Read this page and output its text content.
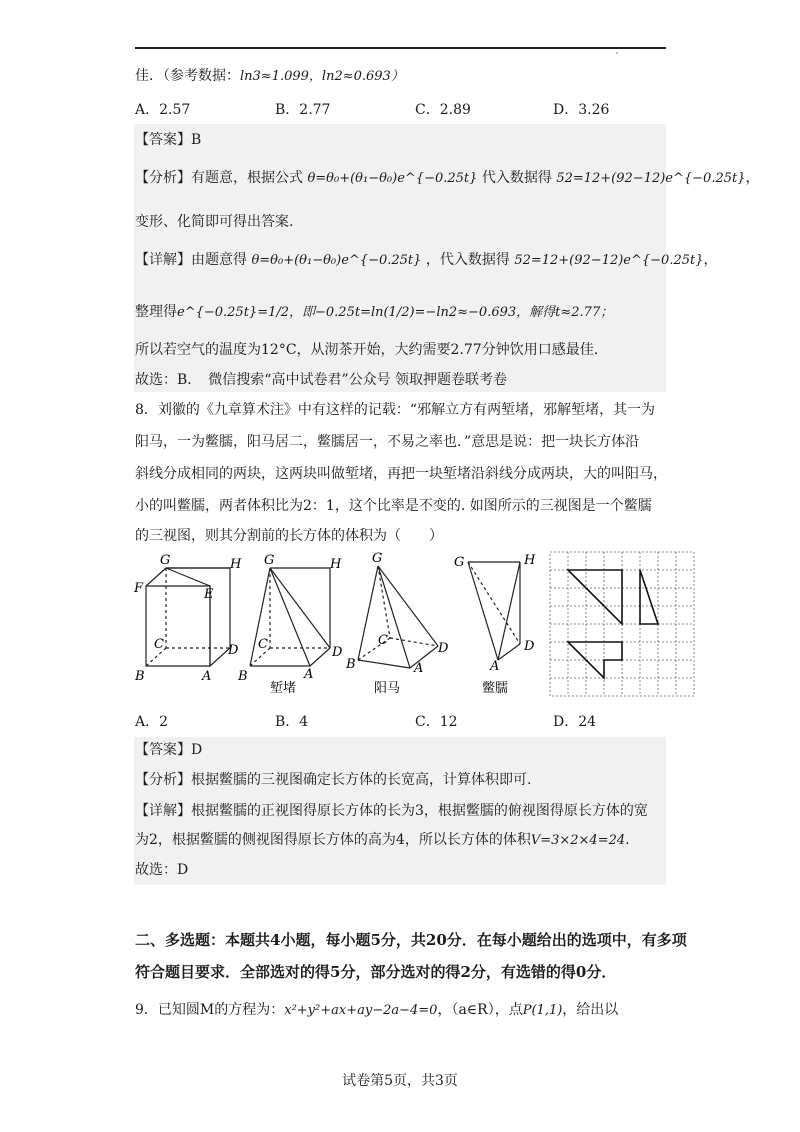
佳．（参考数据：ln3≈1.099，ln2≈0.693）
A．2.57	B．2.77	C．2.89	D．3.26
【答案】B
【分析】有题意，根据公式 θ=θ₀+(θ₁−θ₀)e^{−0.25t} 代入数据得 52=12+(92−12)e^{−0.25t}，
变形、化简即可得出答案.
【详解】由题意得 θ=θ₀+(θ₁−θ₀)e^{−0.25t} ，代入数据得 52=12+(92−12)e^{−0.25t}，
整理得e^{−0.25t}=1/2，即−0.25t=ln(1/2)=−ln2≈−0.693，解得t≈2.77；
所以若空气的温度为12°C，从沏茶开始，大约需要2.77分钟饮用口感最佳.
故选：B．　微信搜索“高中试卷君”公众号 领取押题卷联考卷
8．刘徽的《九章算术注》中有这样的记载：“邪解立方有两堑堵，邪解堑堵，其一为
阳马，一为鳖臑，阳马居二，鳖臑居一，不易之率也．”意思是说：把一块长方体沿
斜线分成相同的两块，这两块叫做堑堵，再把一块堑堵沿斜线分成两块，大的叫阳马，
小的叫鳖臑，两者体积比为2：1，这个比率是不变的. 如图所示的三视图是一个鳖臑
的三视图，则其分割前的长方体的体积为（　　）
G	H
F	E
C	D
B	A
G	H
C
D
B	A
堑堵
G
C
D
B	A
阳马
G	H
D
A
鳖臑
A．2	B．4	C．12	D．24
【答案】D
【分析】根据鳖臑的三视图确定长方体的长宽高，计算体积即可.
【详解】根据鳖臑的正视图得原长方体的长为3，根据鳖臑的俯视图得原长方体的宽
为2，根据鳖臑的侧视图得原长方体的高为4，所以长方体的体积V=3×2×4=24.
故选：D
二、多选题：本题共4小题，每小题5分，共20分．在每小题给出的选项中，有多项
符合题目要求．全部选对的得5分，部分选对的得2分，有选错的得0分．
9．已知圆M的方程为：x²+y²+ax+ay−2a−4=0，（a∈R），点P(1,1)，给出以
试卷第5页，共3页
